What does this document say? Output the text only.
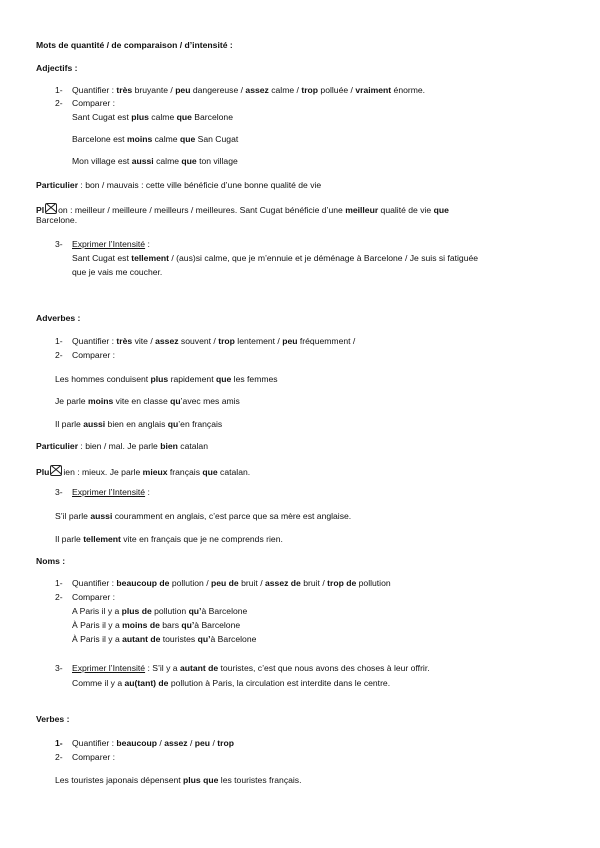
Mots de quantité / de comparaison / d’intensité :
Adjectifs :
1- Quantifier : très bruyante / peu dangereuse / assez calme / trop polluée / vraiment énorme.
2- Comparer :
Sant Cugat est plus calme que Barcelone
Barcelone est moins calme que San Cugat
Mon village est aussi calme que ton village
Particulier : bon / mauvais : cette ville bénéficie d’une bonne qualité de vie
Pl on : meilleur / meilleure / meilleurs / meilleures. Sant Cugat bénéficie d’une meilleur qualité de vie que
Barcelone.
3- Exprimer l’Intensité :
Sant Cugat est tellement / (aus)si calme, que je m’ennuie et je déménage à Barcelone / Je suis si fatiguée
que je vais me coucher.
Adverbes :
1- Quantifier : très vite / assez souvent / trop lentement / peu fréquemment /
2- Comparer :
Les hommes conduisent plus rapidement que les femmes
Je parle moins vite en classe qu’avec mes amis
Il parle aussi bien en anglais qu’en français
Particulier : bien / mal. Je parle bien catalan
Plu ien : mieux. Je parle mieux français que catalan.
3- Exprimer l’Intensité :
S’il parle aussi couramment en anglais, c’est parce que sa mère est anglaise.
Il parle tellement vite en français que je ne comprends rien.
Noms :
1- Quantifier : beaucoup de pollution / peu de bruit / assez de bruit / trop de pollution
2- Comparer :
A Paris il y a plus de pollution qu’à Barcelone
À Paris il y a moins de bars qu’à Barcelone
À Paris il y a autant de touristes qu’à Barcelone
3- Exprimer l’Intensité : S’il y a autant de touristes, c’est que nous avons des choses à leur offrir.
Comme il y a au(tant) de pollution à Paris, la circulation est interdite dans le centre.
Verbes :
1- Quantifier : beaucoup / assez / peu / trop
2- Comparer :
Les touristes japonais dépensent plus que les touristes français.
